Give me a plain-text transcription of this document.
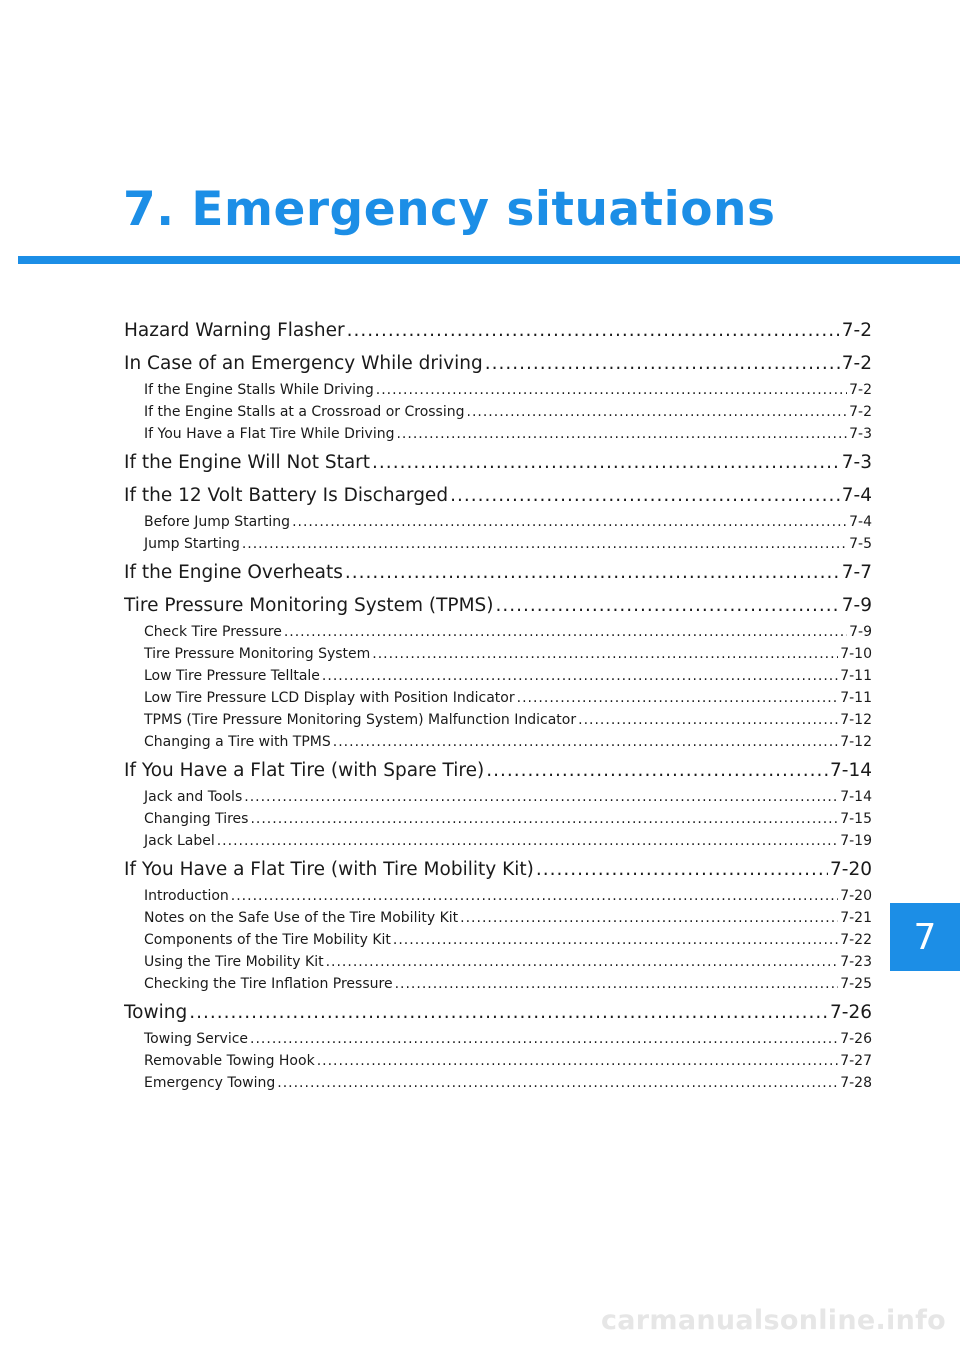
7. Emergency situations
Hazard Warning Flasher .....	7-2
In Case of an Emergency While driving .....	7-2
If the Engine Stalls While Driving .....	7-2
If the Engine Stalls at a Crossroad or Crossing .....	7-2
If You Have a Flat Tire While Driving .....	7-3
If the Engine Will Not Start .....	7-3
If the 12 Volt Battery Is Discharged .....	7-4
Before Jump Starting .....	7-4
Jump Starting .....	7-5
If the Engine Overheats .....	7-7
Tire Pressure Monitoring System (TPMS) .....	7-9
Check Tire Pressure .....	7-9
Tire Pressure Monitoring System .....	7-10
Low Tire Pressure Telltale .....	7-11
Low Tire Pressure LCD Display with Position Indicator .....	7-11
TPMS (Tire Pressure Monitoring System) Malfunction Indicator .....	7-12
Changing a Tire with TPMS .....	7-12
If You Have a Flat Tire (with Spare Tire) .....	7-14
Jack and Tools .....	7-14
Changing Tires .....	7-15
Jack Label .....	7-19
If You Have a Flat Tire (with Tire Mobility Kit) .....	7-20
Introduction .....	7-20
Notes on the Safe Use of the Tire Mobility Kit .....	7-21
Components of the Tire Mobility Kit .....	7-22
Using the Tire Mobility Kit .....	7-23
Checking the Tire Inflation Pressure .....	7-25
Towing .....	7-26
Towing Service .....	7-26
Removable Towing Hook .....	7-27
Emergency Towing .....	7-28
7
carmanualsonline.info
